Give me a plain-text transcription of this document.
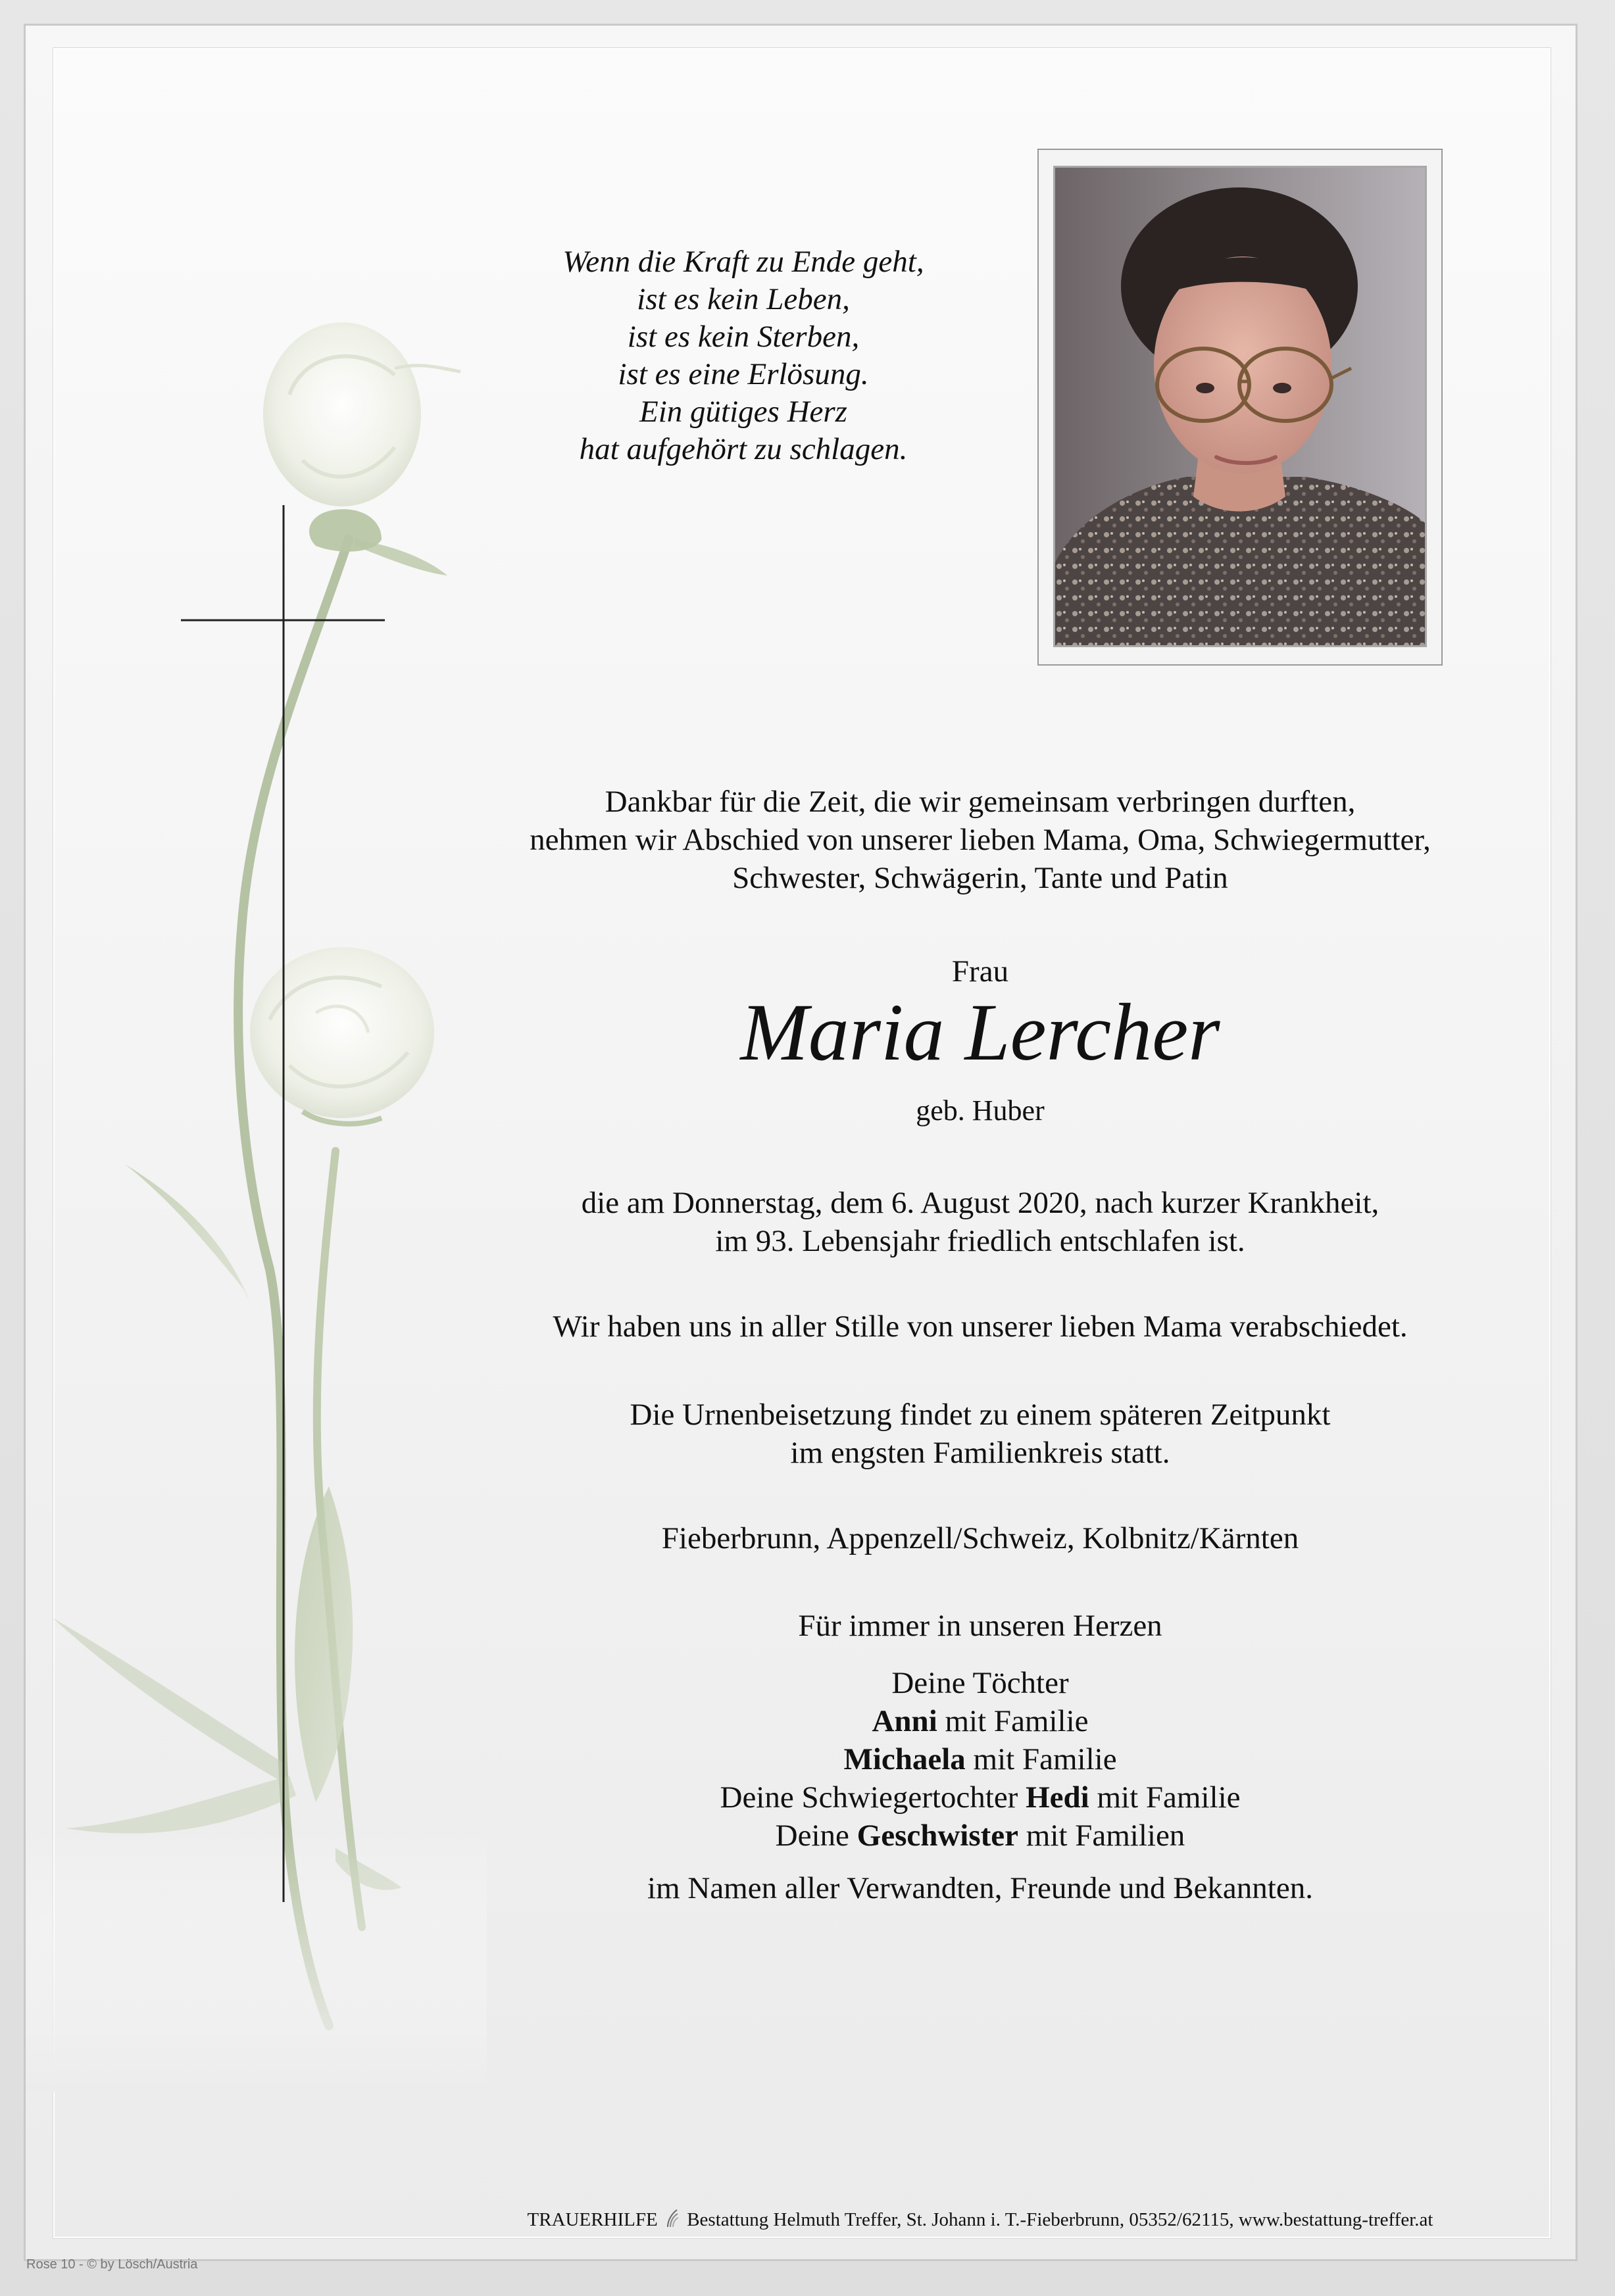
Wenn die Kraft zu Ende geht,
ist es kein Leben,
ist es kein Sterben,
ist es eine Erlösung.
Ein gütiges Herz
hat aufgehört zu schlagen.
Dankbar für die Zeit, die wir gemeinsam verbringen durften,
nehmen wir Abschied von unserer lieben Mama, Oma, Schwiegermutter,
Schwester, Schwägerin, Tante und Patin
Frau
Maria Lercher
geb. Huber
die am Donnerstag, dem 6. August 2020, nach kurzer Krankheit,
im 93. Lebensjahr friedlich entschlafen ist.
Wir haben uns in aller Stille von unserer lieben Mama verabschiedet.
Die Urnenbeisetzung findet zu einem späteren Zeitpunkt
im engsten Familienkreis statt.
Fieberbrunn, Appenzell/Schweiz, Kolbnitz/Kärnten
Für immer in unseren Herzen
Deine Töchter
Anni mit Familie
Michaela mit Familie
Deine Schwiegertochter Hedi mit Familie
Deine Geschwister mit Familien
im Namen aller Verwandten, Freunde und Bekannten.
TRAUERHILFE Bestattung Helmuth Treffer, St. Johann i. T.-Fieberbrunn, 05352/62115, www.bestattung-treffer.at
Rose 10 - © by Lösch/Austria
